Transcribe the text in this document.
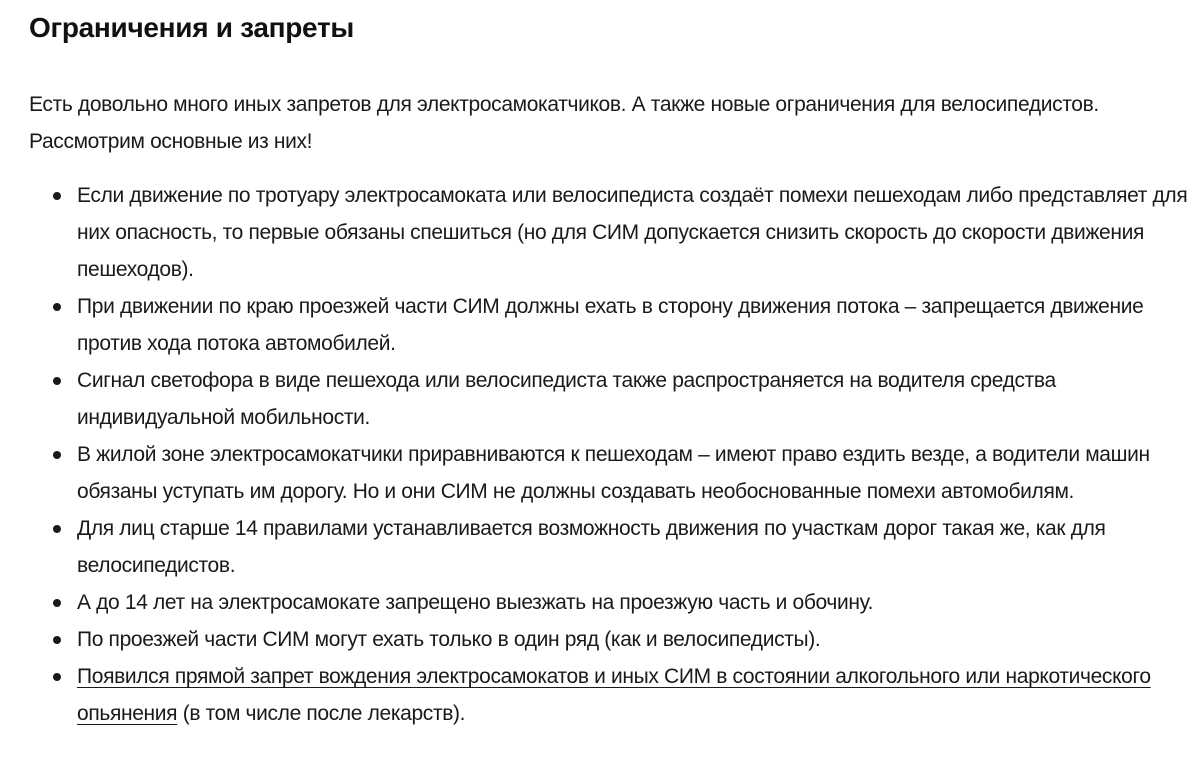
Ограничения и запреты

Есть довольно много иных запретов для электросамокатчиков. А также новые ограничения для велосипедистов. Рассмотрим основные из них!

Если движение по тротуару электросамоката или велосипедиста создаёт помехи пешеходам либо представляет для них опасность, то первые обязаны спешиться (но для СИМ допускается снизить скорость до скорости движения пешеходов).
При движении по краю проезжей части СИМ должны ехать в сторону движения потока – запрещается движение против хода потока автомобилей.
Сигнал светофора в виде пешехода или велосипедиста также распространяется на водителя средства индивидуальной мобильности.
В жилой зоне электросамокатчики приравниваются к пешеходам – имеют право ездить везде, а водители машин обязаны уступать им дорогу. Но и они СИМ не должны создавать необоснованные помехи автомобилям.
Для лиц старше 14 правилами устанавливается возможность движения по участкам дорог такая же, как для велосипедистов.
А до 14 лет на электросамокате запрещено выезжать на проезжую часть и обочину.
По проезжей части СИМ могут ехать только в один ряд (как и велосипедисты).
Появился прямой запрет вождения электросамокатов и иных СИМ в состоянии алкогольного или наркотического опьянения (в том числе после лекарств).
